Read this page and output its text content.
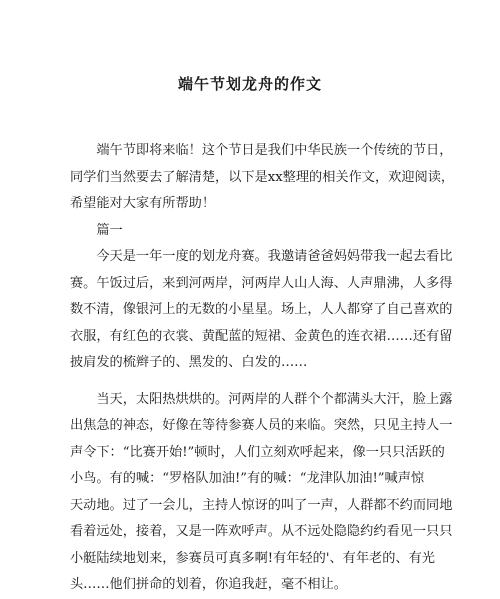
端午节划龙舟的作文
　　端午节即将来临！这个节日是我们中华民族一个传统的节日，
同学们当然要去了解清楚，以下是xx整理的相关作文，欢迎阅读，
希望能对大家有所帮助！
　　篇一
　　今天是一年一度的划龙舟赛。我邀请爸爸妈妈带我一起去看比
赛。午饭过后，来到河两岸，河两岸人山人海、人声鼎沸，人多得
数不清，像银河上的无数的小星星。场上，人人都穿了自己喜欢的
衣服，有红色的衣裳、黄配蓝的短裙、金黄色的连衣裙……还有留
披肩发的梳辫子的、黑发的、白发的……
　　当天，太阳热烘烘的。河两岸的人群个个都满头大汗，脸上露
出焦急的神态，好像在等待参赛人员的来临。突然，只见主持人一
声令下：“比赛开始!”顿时，人们立刻欢呼起来，像一只只活跃的
小鸟。有的喊：“罗格队加油!”有的喊：“龙津队加油!”喊声惊
天动地。过了一会儿，主持人惊讶的叫了一声，人群都不约而同地
看着远处，接着，又是一阵欢呼声。从不远处隐隐约约看见一只只
小艇陆续地划来，参赛员可真多啊!有年轻的'、有年老的、有光
头……他们拼命的划着，你追我赶，毫不相让。
